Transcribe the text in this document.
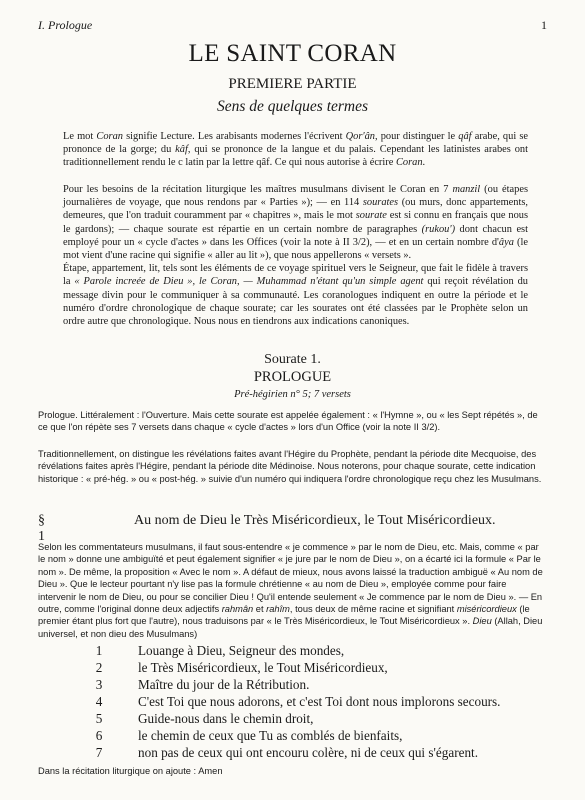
I. Prologue	1
LE SAINT CORAN
PREMIERE PARTIE
Sens de quelques termes

Le mot Coran signifie Lecture. Les arabisants modernes l'écrivent Qor'ân, pour distinguer le qâf arabe, qui se prononce de la gorge; du kâf, qui se prononce de la langue et du palais. Cependant les latinistes arabes ont traditionnellement rendu le c latin par la lettre qâf. Ce qui nous autorise à écrire Coran.

Pour les besoins de la récitation liturgique les maîtres musulmans divisent le Coran en 7 manzil (ou étapes journalières de voyage, que nous rendons par « Parties »); — en 114 sourates (ou murs, donc appartements, demeures, que l'on traduit couramment par « chapitres », mais le mot sourate est si connu en français que nous le gardons); — chaque sourate est répartie en un certain nombre de paragraphes (rukou') dont chacun est employé pour un « cycle d'actes » dans les Offices (voir la note à II 3/2), — et en un certain nombre d'âya (le mot vient d'une racine qui signifie « aller au lit »), que nous appellerons « versets ».
Étape, appartement, lit, tels sont les éléments de ce voyage spirituel vers le Seigneur, que fait le fidèle à travers la « Parole increée de Dieu », le Coran, — Muhammad n'étant qu'un simple agent qui reçoit révélation du message divin pour le communiquer à sa communauté. Les coranologues indiquent en outre la période et le numéro d'ordre chronologique de chaque sourate; car les sourates ont été classées par le Prophète selon un ordre autre que chronologique. Nous nous en tiendrons aux indications canoniques.

Sourate 1.
PROLOGUE
Pré-hégirien n° 5; 7 versets

Prologue. Littéralement : l'Ouverture. Mais cette sourate est appelée également : « l'Hymne », ou « les Sept répétés », de ce que l'on répète ses 7 versets dans chaque « cycle d'actes » lors d'un Office (voir la note II 3/2).

Traditionnellement, on distingue les révélations faites avant l'Hégire du Prophète, pendant la période dite Mecquoise, des révélations faites après l'Hégire, pendant la période dite Médinoise. Nous noterons, pour chaque sourate, cette indication historique : « pré-hég. » ou « post-hég. » suivie d'un numéro qui indiquera l'ordre chronologique reçu chez les Musulmans.

§ 1
Au nom de Dieu le Très Miséricordieux, le Tout Miséricordieux.

Selon les commentateurs musulmans, il faut sous-entendre « je commence » par le nom de Dieu, etc. Mais, comme « par le nom » donne une ambiguïté et peut également signifier « je jure par le nom de Dieu », on a écarté ici la formule « Par le nom ». De même, la proposition « Avec le nom ». A défaut de mieux, nous avons laissé la traduction ambiguë « Au nom de Dieu ». Que le lecteur pourtant n'y lise pas la formule chrétienne « au nom de Dieu », employée comme pour faire intervenir le nom de Dieu, ou pour se concilier Dieu ! Qu'il entende seulement « Je commence par le nom de Dieu ». — En outre, comme l'original donne deux adjectifs rahmân et rahîm, tous deux de même racine et signifiant miséricordieux (le premier étant plus fort que l'autre), nous traduisons par « le Très Miséricordieux, le Tout Miséricordieux ». Dieu (Allah, Dieu universel, et non dieu des Musulmans)

1	Louange à Dieu, Seigneur des mondes,
2	le Très Miséricordieux, le Tout Miséricordieux,
3	Maître du jour de la Rétribution.
4	C'est Toi que nous adorons, et c'est Toi dont nous implorons secours.
5	Guide-nous dans le chemin droit,
6	le chemin de ceux que Tu as comblés de bienfaits,
7	non pas de ceux qui ont encouru colère, ni de ceux qui s'égarent.

Dans la récitation liturgique on ajoute : Amen
